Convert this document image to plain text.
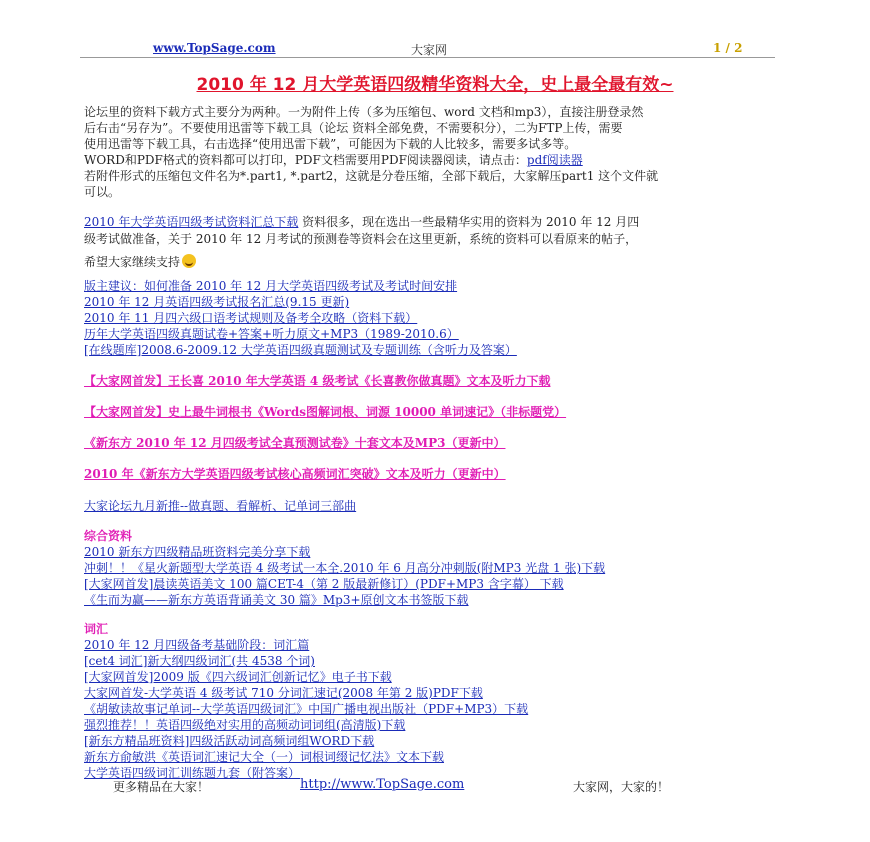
www.TopSage.com	大家网	1 / 2
2010 年 12 月大学英语四级精华资料大全，史上最全最有效~
论坛里的资料下载方式主要分为两种。一为附件上传（多为压缩包、word 文档和mp3），直接注册登录然
后右击“另存为”。不要使用迅雷等下载工具（论坛 资料全部免费，不需要积分），二为FTP上传，需要
使用迅雷等下载工具，右击选择“使用迅雷下载”，可能因为下载的人比较多，需要多试多等。
WORD和PDF格式的资料都可以打印，PDF文档需要用PDF阅读器阅读，请点击：pdf阅读器
若附件形式的压缩包文件名为*.part1, *.part2，这就是分卷压缩，全部下载后，大家解压part1 这个文件就
可以。
2010 年大学英语四级考试资料汇总下载 资料很多，现在选出一些最精华实用的资料为 2010 年 12 月四
级考试做准备，关于 2010 年 12 月考试的预测卷等资料会在这里更新，系统的资料可以看原来的帖子，
希望大家继续支持
版主建议：如何准备 2010 年 12 月大学英语四级考试及考试时间安排
2010 年 12 月英语四级考试报名汇总(9.15 更新)
2010 年 11 月四六级口语考试规则及备考全攻略（资料下载）
历年大学英语四级真题试卷+答案+听力原文+MP3（1989-2010.6）
[在线题库]2008.6-2009.12 大学英语四级真题测试及专题训练（含听力及答案）
【大家网首发】王长喜 2010 年大学英语 4 级考试《长喜教你做真题》文本及听力下载
【大家网首发】史上最牛词根书《Words图解词根、词源 10000 单词速记》（非标题党）
《新东方 2010 年 12 月四级考试全真预测试卷》十套文本及MP3（更新中）
2010 年《新东方大学英语四级考试核心高频词汇突破》文本及听力（更新中）
大家论坛九月新推--做真题、看解析、记单词三部曲
综合资料
2010 新东方四级精品班资料完美分享下载
冲刺！！《星火新题型大学英语 4 级考试一本全.2010 年 6 月高分冲刺版(附MP3 光盘 1 张)下载
[大家网首发]晨读英语美文 100 篇CET-4（第 2 版最新修订）(PDF+MP3 含字幕） 下载
《生而为赢——新东方英语背诵美文 30 篇》Mp3+原创文本书签版下载
词汇
2010 年 12 月四级备考基础阶段：词汇篇
[cet4 词汇]新大纲四级词汇(共 4538 个词)
[大家网首发]2009 版《四六级词汇创新记忆》电子书下载
大家网首发-大学英语 4 级考试 710 分词汇速记(2008 年第 2 版)PDF下载
《胡敏读故事记单词--大学英语四级词汇》中国广播电视出版社（PDF+MP3）下载
强烈推荐！！英语四级绝对实用的高频动词词组(高清版)下载
[新东方精品班资料]四级活跃动词高频词组WORD下载
新东方俞敏洪《英语词汇速记大全（一）词根词缀记忆法》文本下载
大学英语四级词汇训练题九套（附答案）
更多精品在大家！	http://www.TopSage.com	大家网，大家的！
